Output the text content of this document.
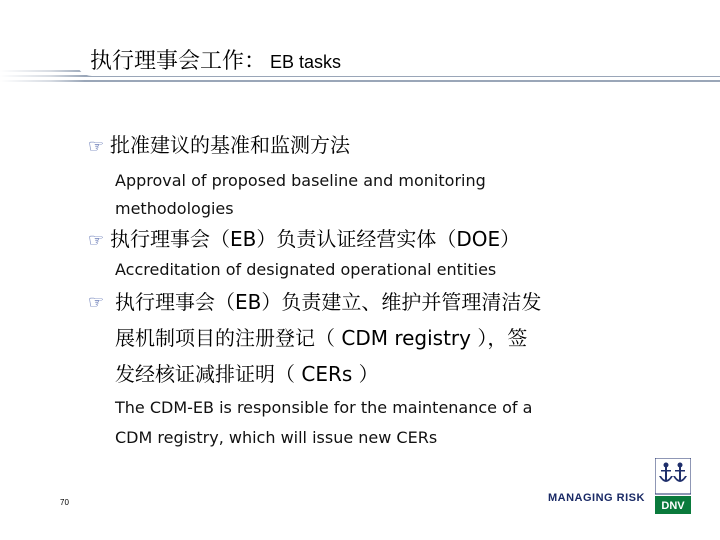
执行理事会工作： EB tasks
☞ 批准建议的基准和监测方法
Approval of proposed baseline and monitoring
methodologies
☞ 执行理事会（EB）负责认证经营实体（DOE）
Accreditation of designated operational entities
☞ 执行理事会（EB）负责建立、维护并管理清洁发
展机制项目的注册登记（ CDM registry ），签
发经核证减排证明（ CERs ）
The CDM-EB is responsible for the maintenance of a
CDM registry, which will issue new CERs
70	MANAGING RISK
DNV
